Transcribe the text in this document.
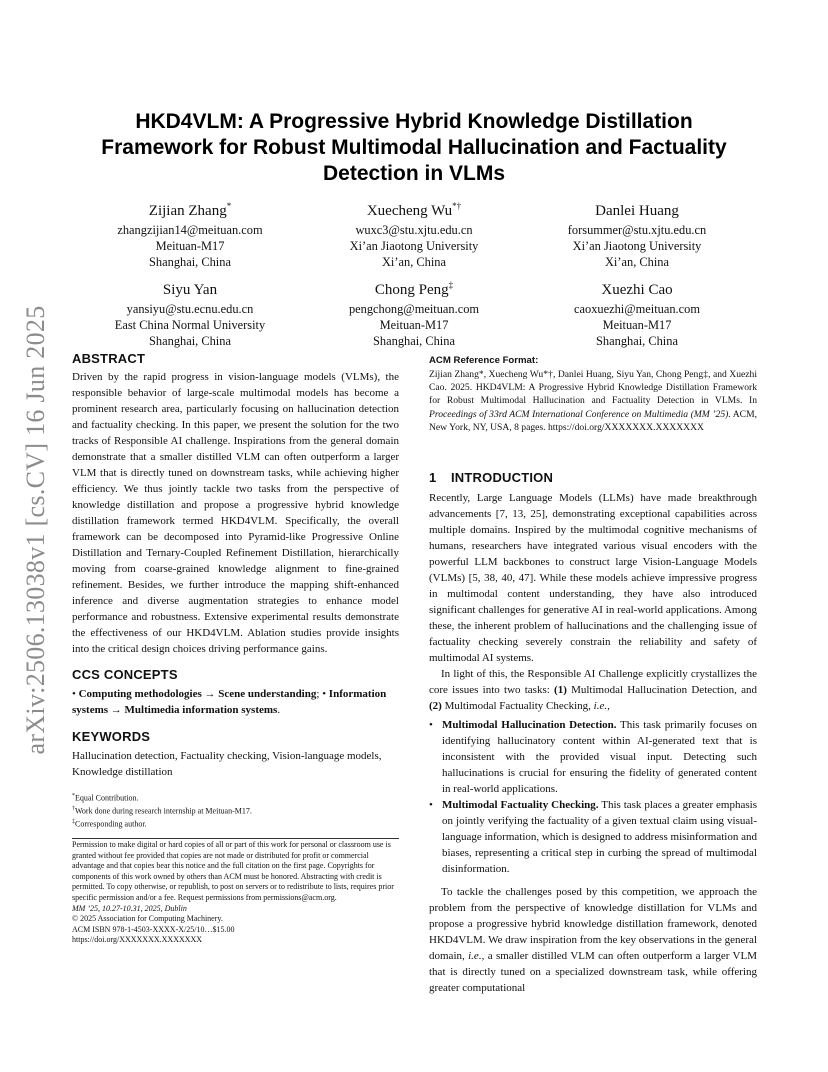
arXiv:2506.13038v1 [cs.CV] 16 Jun 2025
HKD4VLM: A Progressive Hybrid Knowledge Distillation
Framework for Robust Multimodal Hallucination and Factuality
Detection in VLMs
Zijian Zhang*
zhangzijian14@meituan.com
Meituan-M17
Shanghai, China
Xuecheng Wu*†
wuxc3@stu.xjtu.edu.cn
Xi’an Jiaotong University
Xi’an, China
Danlei Huang
forsummer@stu.xjtu.edu.cn
Xi’an Jiaotong University
Xi’an, China
Siyu Yan
yansiyu@stu.ecnu.edu.cn
East China Normal University
Shanghai, China
Chong Peng‡
pengchong@meituan.com
Meituan-M17
Shanghai, China
Xuezhi Cao
caoxuezhi@meituan.com
Meituan-M17
Shanghai, China
ABSTRACT

Driven by the rapid progress in vision-language models (VLMs), the responsible behavior of large-scale multimodal models has become a prominent research area, particularly focusing on hallucination detection and factuality checking. In this paper, we present the solution for the two tracks of Responsible AI challenge. Inspirations from the general domain demonstrate that a smaller distilled VLM can often outperform a larger VLM that is directly tuned on downstream tasks, while achieving higher efficiency. We thus jointly tackle two tasks from the perspective of knowledge distillation and propose a progressive hybrid knowledge distillation framework termed HKD4VLM. Specifically, the overall framework can be decomposed into Pyramid-like Progressive Online Distillation and Ternary-Coupled Refinement Distillation, hierarchically moving from coarse-grained knowledge alignment to fine-grained refinement. Besides, we further introduce the mapping shift-enhanced inference and diverse augmentation strategies to enhance model performance and robustness. Extensive experimental results demonstrate the effectiveness of our HKD4VLM. Ablation studies provide insights into the critical design choices driving performance gains.

CCS CONCEPTS

• Computing methodologies → Scene understanding; • Information systems → Multimedia information systems.

KEYWORDS

Hallucination detection, Factuality checking, Vision-language models, Knowledge distillation

*Equal Contribution.

†Work done during research internship at Meituan-M17.

‡Corresponding author.

Permission to make digital or hard copies of all or part of this work for personal or classroom use is granted without fee provided that copies are not made or distributed for profit or commercial advantage and that copies bear this notice and the full citation on the first page. Copyrights for components of this work owned by others than ACM must be honored. Abstracting with credit is permitted. To copy otherwise, or republish, to post on servers or to redistribute to lists, requires prior specific permission and/or a fee. Request permissions from permissions@acm.org.

MM ’25, 10.27-10.31, 2025, Dublin

© 2025 Association for Computing Machinery.

ACM ISBN 978-1-4503-XXXX-X/25/10…$15.00

https://doi.org/XXXXXXX.XXXXXXX

ACM Reference Format:

Zijian Zhang*, Xuecheng Wu*†, Danlei Huang, Siyu Yan, Chong Peng‡, and Xuezhi Cao. 2025. HKD4VLM: A Progressive Hybrid Knowledge Distillation Framework for Robust Multimodal Hallucination and Factuality Detection in VLMs. In Proceedings of 33rd ACM International Conference on Multimedia (MM ’25). ACM, New York, NY, USA, 8 pages. https://doi.org/XXXXXXX.XXXXXXX

1 INTRODUCTION

Recently, Large Language Models (LLMs) have made breakthrough advancements [7, 13, 25], demonstrating exceptional capabilities across multiple domains. Inspired by the multimodal cognitive mechanisms of humans, researchers have integrated various visual encoders with the powerful LLM backbones to construct large Vision-Language Models (VLMs) [5, 38, 40, 47]. While these models achieve impressive progress in multimodal content understanding, they have also introduced significant challenges for generative AI in real-world applications. Among these, the inherent problem of hallucinations and the challenging issue of factuality checking severely constrain the reliability and safety of multimodal AI systems.

In light of this, the Responsible AI Challenge explicitly crystallizes the core issues into two tasks: (1) Multimodal Hallucination Detection, and (2) Multimodal Factuality Checking, i.e.,

• Multimodal Hallucination Detection. This task primarily focuses on identifying hallucinatory content within AI-generated text that is inconsistent with the provided visual input. Detecting such hallucinations is crucial for ensuring the fidelity of generated content in real-world applications.
• Multimodal Factuality Checking. This task places a greater emphasis on jointly verifying the factuality of a given textual claim using visual-language information, which is designed to address misinformation and biases, representing a critical step in curbing the spread of multimodal disinformation.

To tackle the challenges posed by this competition, we approach the problem from the perspective of knowledge distillation for VLMs and propose a progressive hybrid knowledge distillation framework, denoted HKD4VLM. We draw inspiration from the key observations in the general domain, i.e., a smaller distilled VLM can often outperform a larger VLM that is directly tuned on a specialized downstream task, while offering greater computational
